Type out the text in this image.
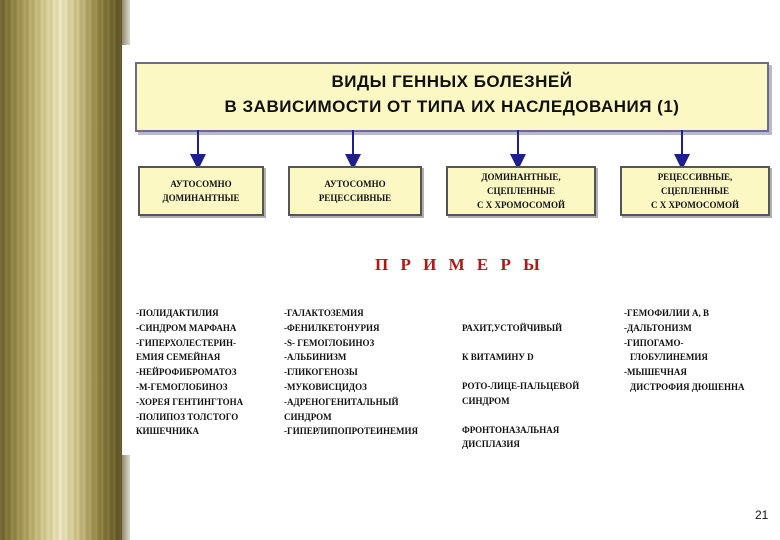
ВИДЫ ГЕННЫХ БОЛЕЗНЕЙ
В ЗАВИСИМОСТИ ОТ ТИПА ИХ НАСЛЕДОВАНИЯ (1)
АУТОСОМНО
ДОМИНАНТНЫЕ
АУТОСОМНО
РЕЦЕССИВНЫЕ
ДОМИНАНТНЫЕ,
СЦЕПЛЕННЫЕ
С Х ХРОМОСОМОЙ
РЕЦЕССИВНЫЕ,
СЦЕПЛЕННЫЕ
С Х ХРОМОСОМОЙ
П Р И М Е Р Ы
-ПОЛИДАКТИЛИЯ
-СИНДРОМ МАРФАНА
-ГИПЕРХОЛЕСТЕРИН-
ЕМИЯ СЕМЕЙНАЯ
-НЕЙРОФИБРОМАТОЗ
-М-ГЕМОГЛОБИНОЗ
-ХОРЕЯ ГЕНТИНГТОНА
-ПОЛИПОЗ ТОЛСТОГО
КИШЕЧНИКА
-ГАЛАКТОЗЕМИЯ
-ФЕНИЛКЕТОНУРИЯ
-S- ГЕМОГЛОБИНОЗ
-АЛЬБИНИЗМ
-ГЛИКОГЕНОЗЫ
-МУКОВИСЦИДОЗ
-АДРЕНОГЕНИТАЛЬНЫЙ
СИНДРОМ
-ГИПЕРЛИПОПРОТЕИНЕМИЯ

РАХИТ,УСТОЙЧИВЫЙ

К ВИТАМИНУ D

РОТО-ЛИЦЕ-ПАЛЬЦЕВОЙ
СИНДРОМ

ФРОНТОНАЗАЛЬНАЯ
ДИСПЛАЗИЯ
-ГЕМОФИЛИИ А, В
-ДАЛЬТОНИЗМ
-ГИПОГАМО-
ГЛОБУЛИНЕМИЯ
-МЫШЕЧНАЯ
ДИСТРОФИЯ ДЮШЕННА
21
